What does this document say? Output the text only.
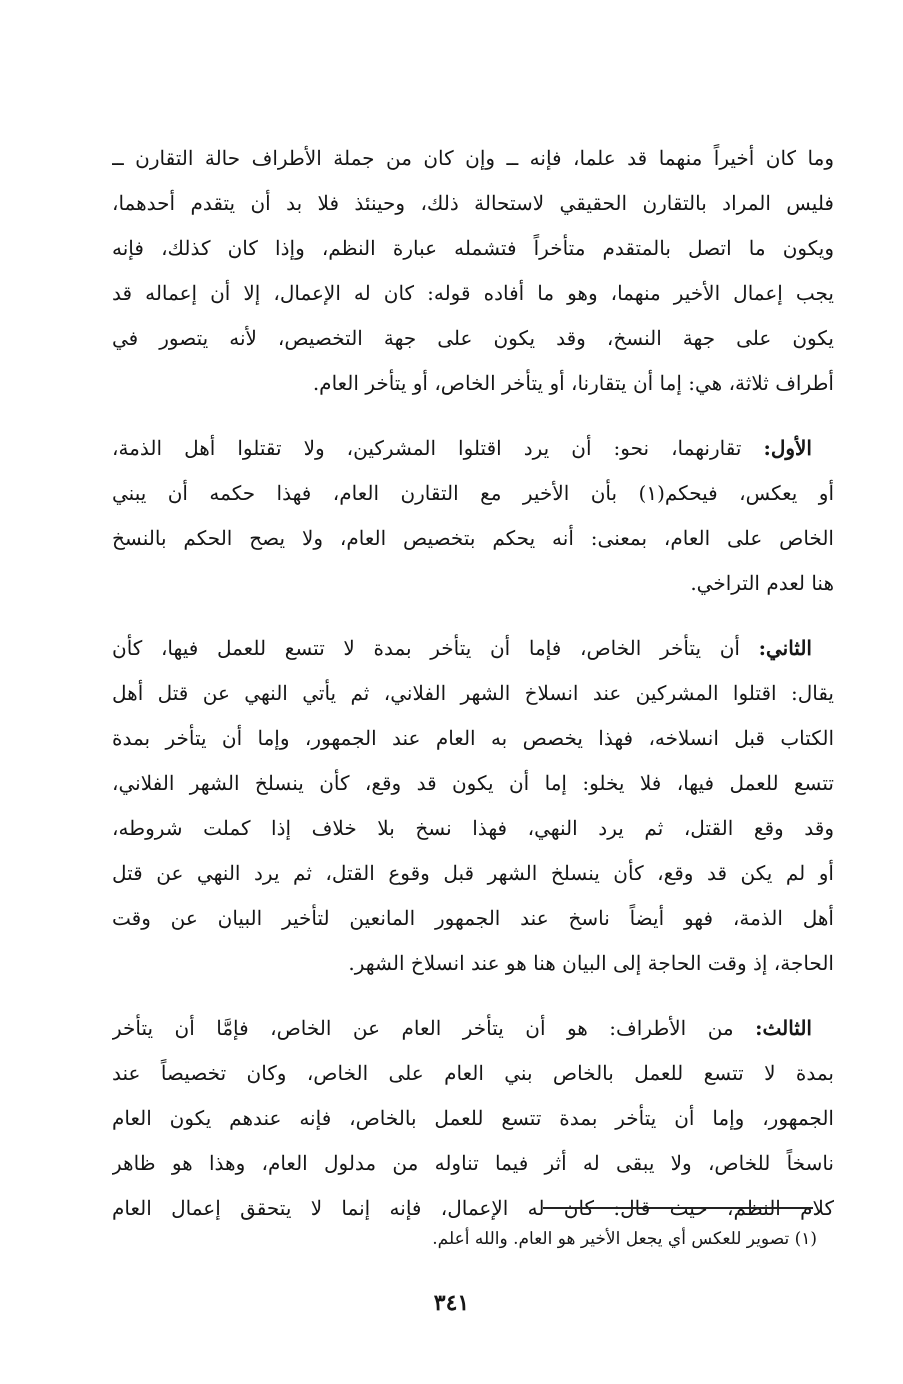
وما كان أخيراً منهما قد علما، فإنه ــ وإن كان من جملة الأطراف حالة التقارن ــ
فليس المراد بالتقارن الحقيقي لاستحالة ذلك، وحينئذ فلا بد أن يتقدم أحدهما،
ويكون ما اتصل بالمتقدم متأخراً فتشمله عبارة النظم، وإذا كان كذلك، فإنه
يجب إعمال الأخير منهما، وهو ما أفاده قوله: كان له الإعمال، إلا أن إعماله قد
يكون على جهة النسخ، وقد يكون على جهة التخصيص، لأنه يتصور في
أطراف ثلاثة، هي: إما أن يتقارنا، أو يتأخر الخاص، أو يتأخر العام.
الأول: تقارنهما، نحو: أن يرد اقتلوا المشركين، ولا تقتلوا أهل الذمة،
أو يعكس، فيحكم(١) بأن الأخير مع التقارن العام، فهذا حكمه أن يبني
الخاص على العام، بمعنى: أنه يحكم بتخصيص العام، ولا يصح الحكم بالنسخ
هنا لعدم التراخي.
الثاني: أن يتأخر الخاص، فإما أن يتأخر بمدة لا تتسع للعمل فيها، كأن
يقال: اقتلوا المشركين عند انسلاخ الشهر الفلاني، ثم يأتي النهي عن قتل أهل
الكتاب قبل انسلاخه، فهذا يخصص به العام عند الجمهور، وإما أن يتأخر بمدة
تتسع للعمل فيها، فلا يخلو: إما أن يكون قد وقع، كأن ينسلخ الشهر الفلاني،
وقد وقع القتل، ثم يرد النهي، فهذا نسخ بلا خلاف إذا كملت شروطه،
أو لم يكن قد وقع، كأن ينسلخ الشهر قبل وقوع القتل، ثم يرد النهي عن قتل
أهل الذمة، فهو أيضاً ناسخ عند الجمهور المانعين لتأخير البيان عن وقت
الحاجة، إذ وقت الحاجة إلى البيان هنا هو عند انسلاخ الشهر.
الثالث: من الأطراف: هو أن يتأخر العام عن الخاص، فإمَّا أن يتأخر
بمدة لا تتسع للعمل بالخاص بني العام على الخاص، وكان تخصيصاً عند
الجمهور، وإما أن يتأخر بمدة تتسع للعمل بالخاص، فإنه عندهم يكون العام
ناسخاً للخاص، ولا يبقى له أثر فيما تناوله من مدلول العام، وهذا هو ظاهر
كلام النظم، حيث قال: كان له الإعمال، فإنه إنما لا يتحقق إعمال العام
(١) تصوير للعكس أي يجعل الأخير هو العام. والله أعلم.
٣٤١
